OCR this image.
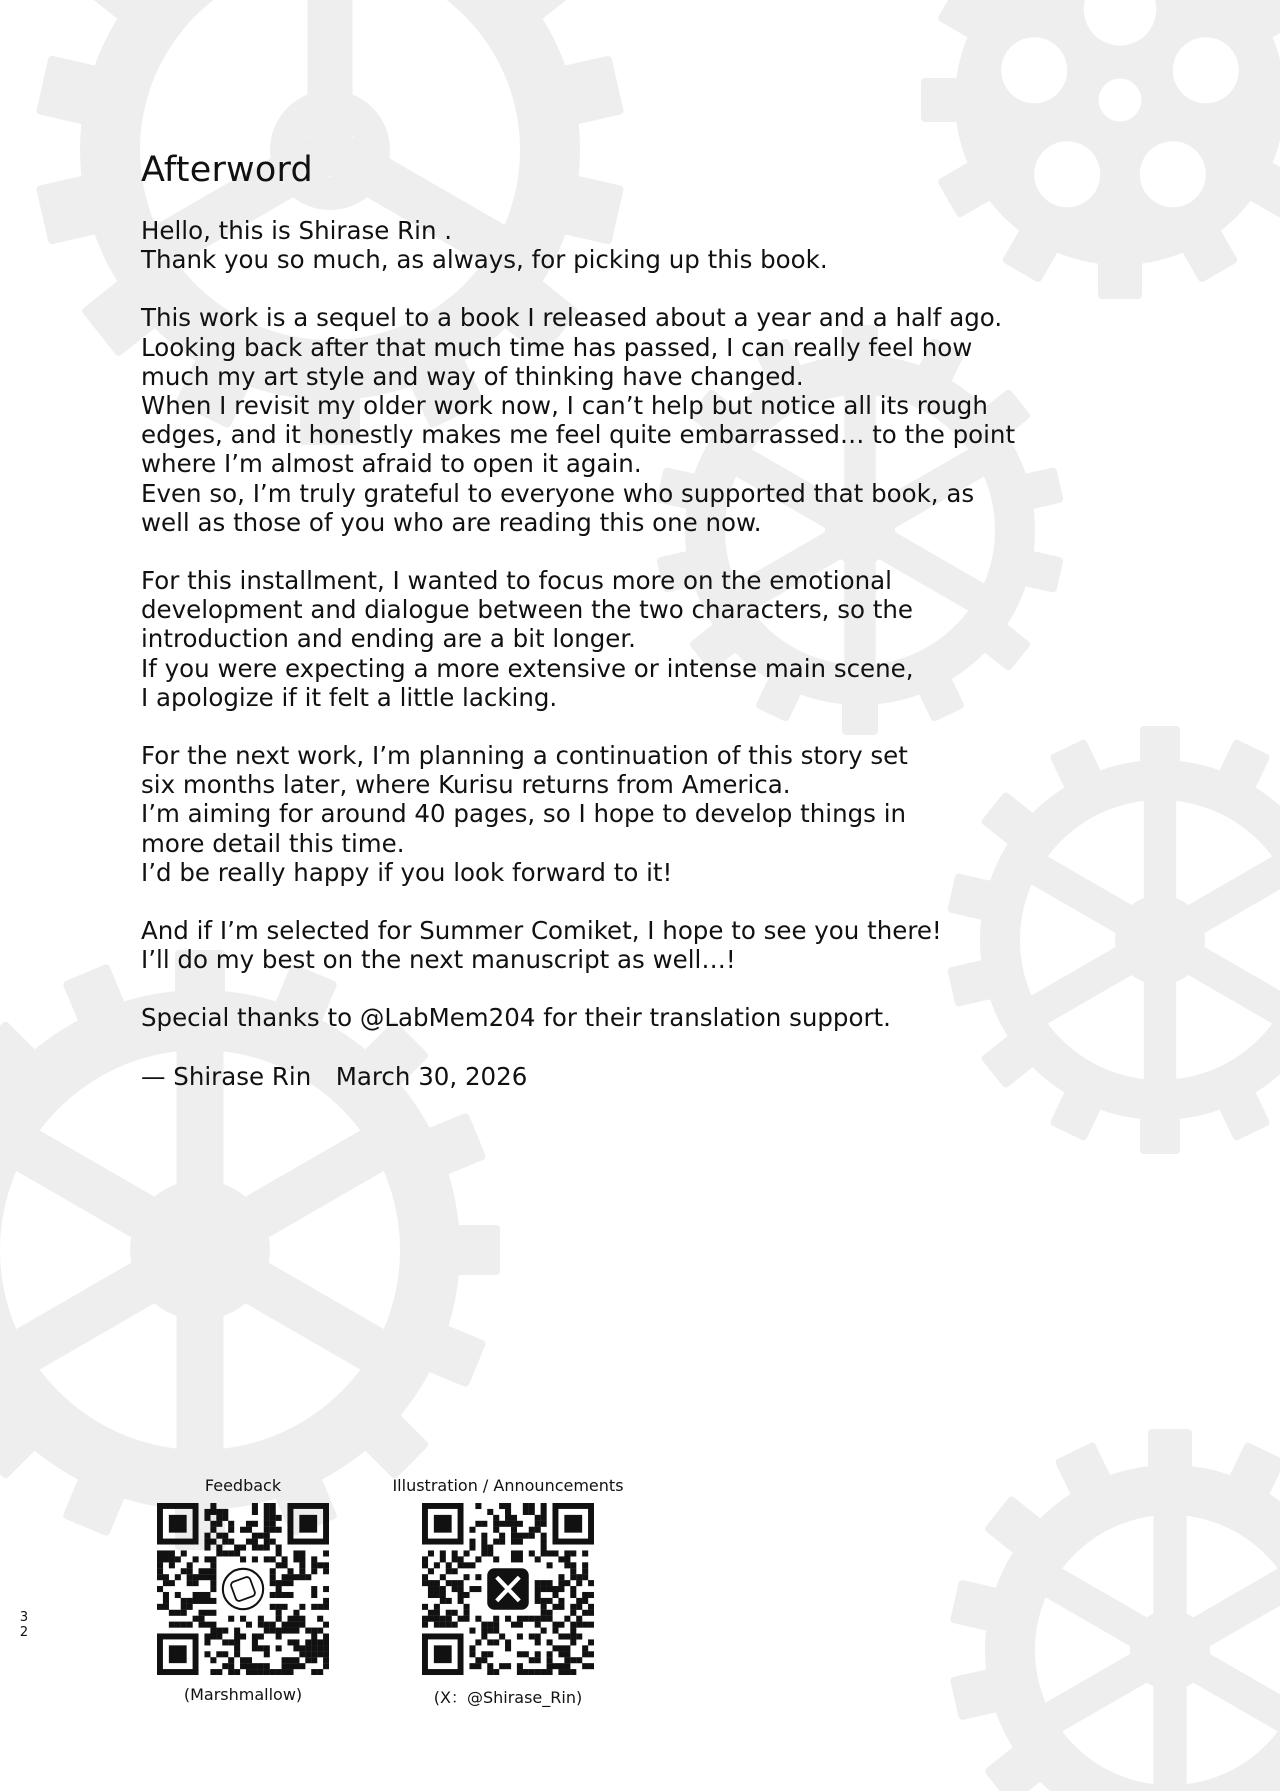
Afterword
Hello, this is Shirase Rin .
Thank you so much, as always, for picking up this book.
This work is a sequel to a book I released about a year and a half ago.
Looking back after that much time has passed, I can really feel how
much my art style and way of thinking have changed.
When I revisit my older work now, I can’t help but notice all its rough
edges, and it honestly makes me feel quite embarrassed… to the point
where I’m almost afraid to open it again.
Even so, I’m truly grateful to everyone who supported that book, as
well as those of you who are reading this one now.
For this installment, I wanted to focus more on the emotional
development and dialogue between the two characters, so the
introduction and ending are a bit longer.
If you were expecting a more extensive or intense main scene,
I apologize if it felt a little lacking.
For the next work, I’m planning a continuation of this story set
six months later, where Kurisu returns from America.
I’m aiming for around 40 pages, so I hope to develop things in
more detail this time.
I’d be really happy if you look forward to it!
And if I’m selected for Summer Comiket, I hope to see you there!
I’ll do my best on the next manuscript as well…!
Special thanks to @LabMem204 for their translation support.
— Shirase Rin　March 30, 2026
Feedback
(Marshmallow)
Illustration / Announcements
(X：@Shirase_Rin)
3
2
